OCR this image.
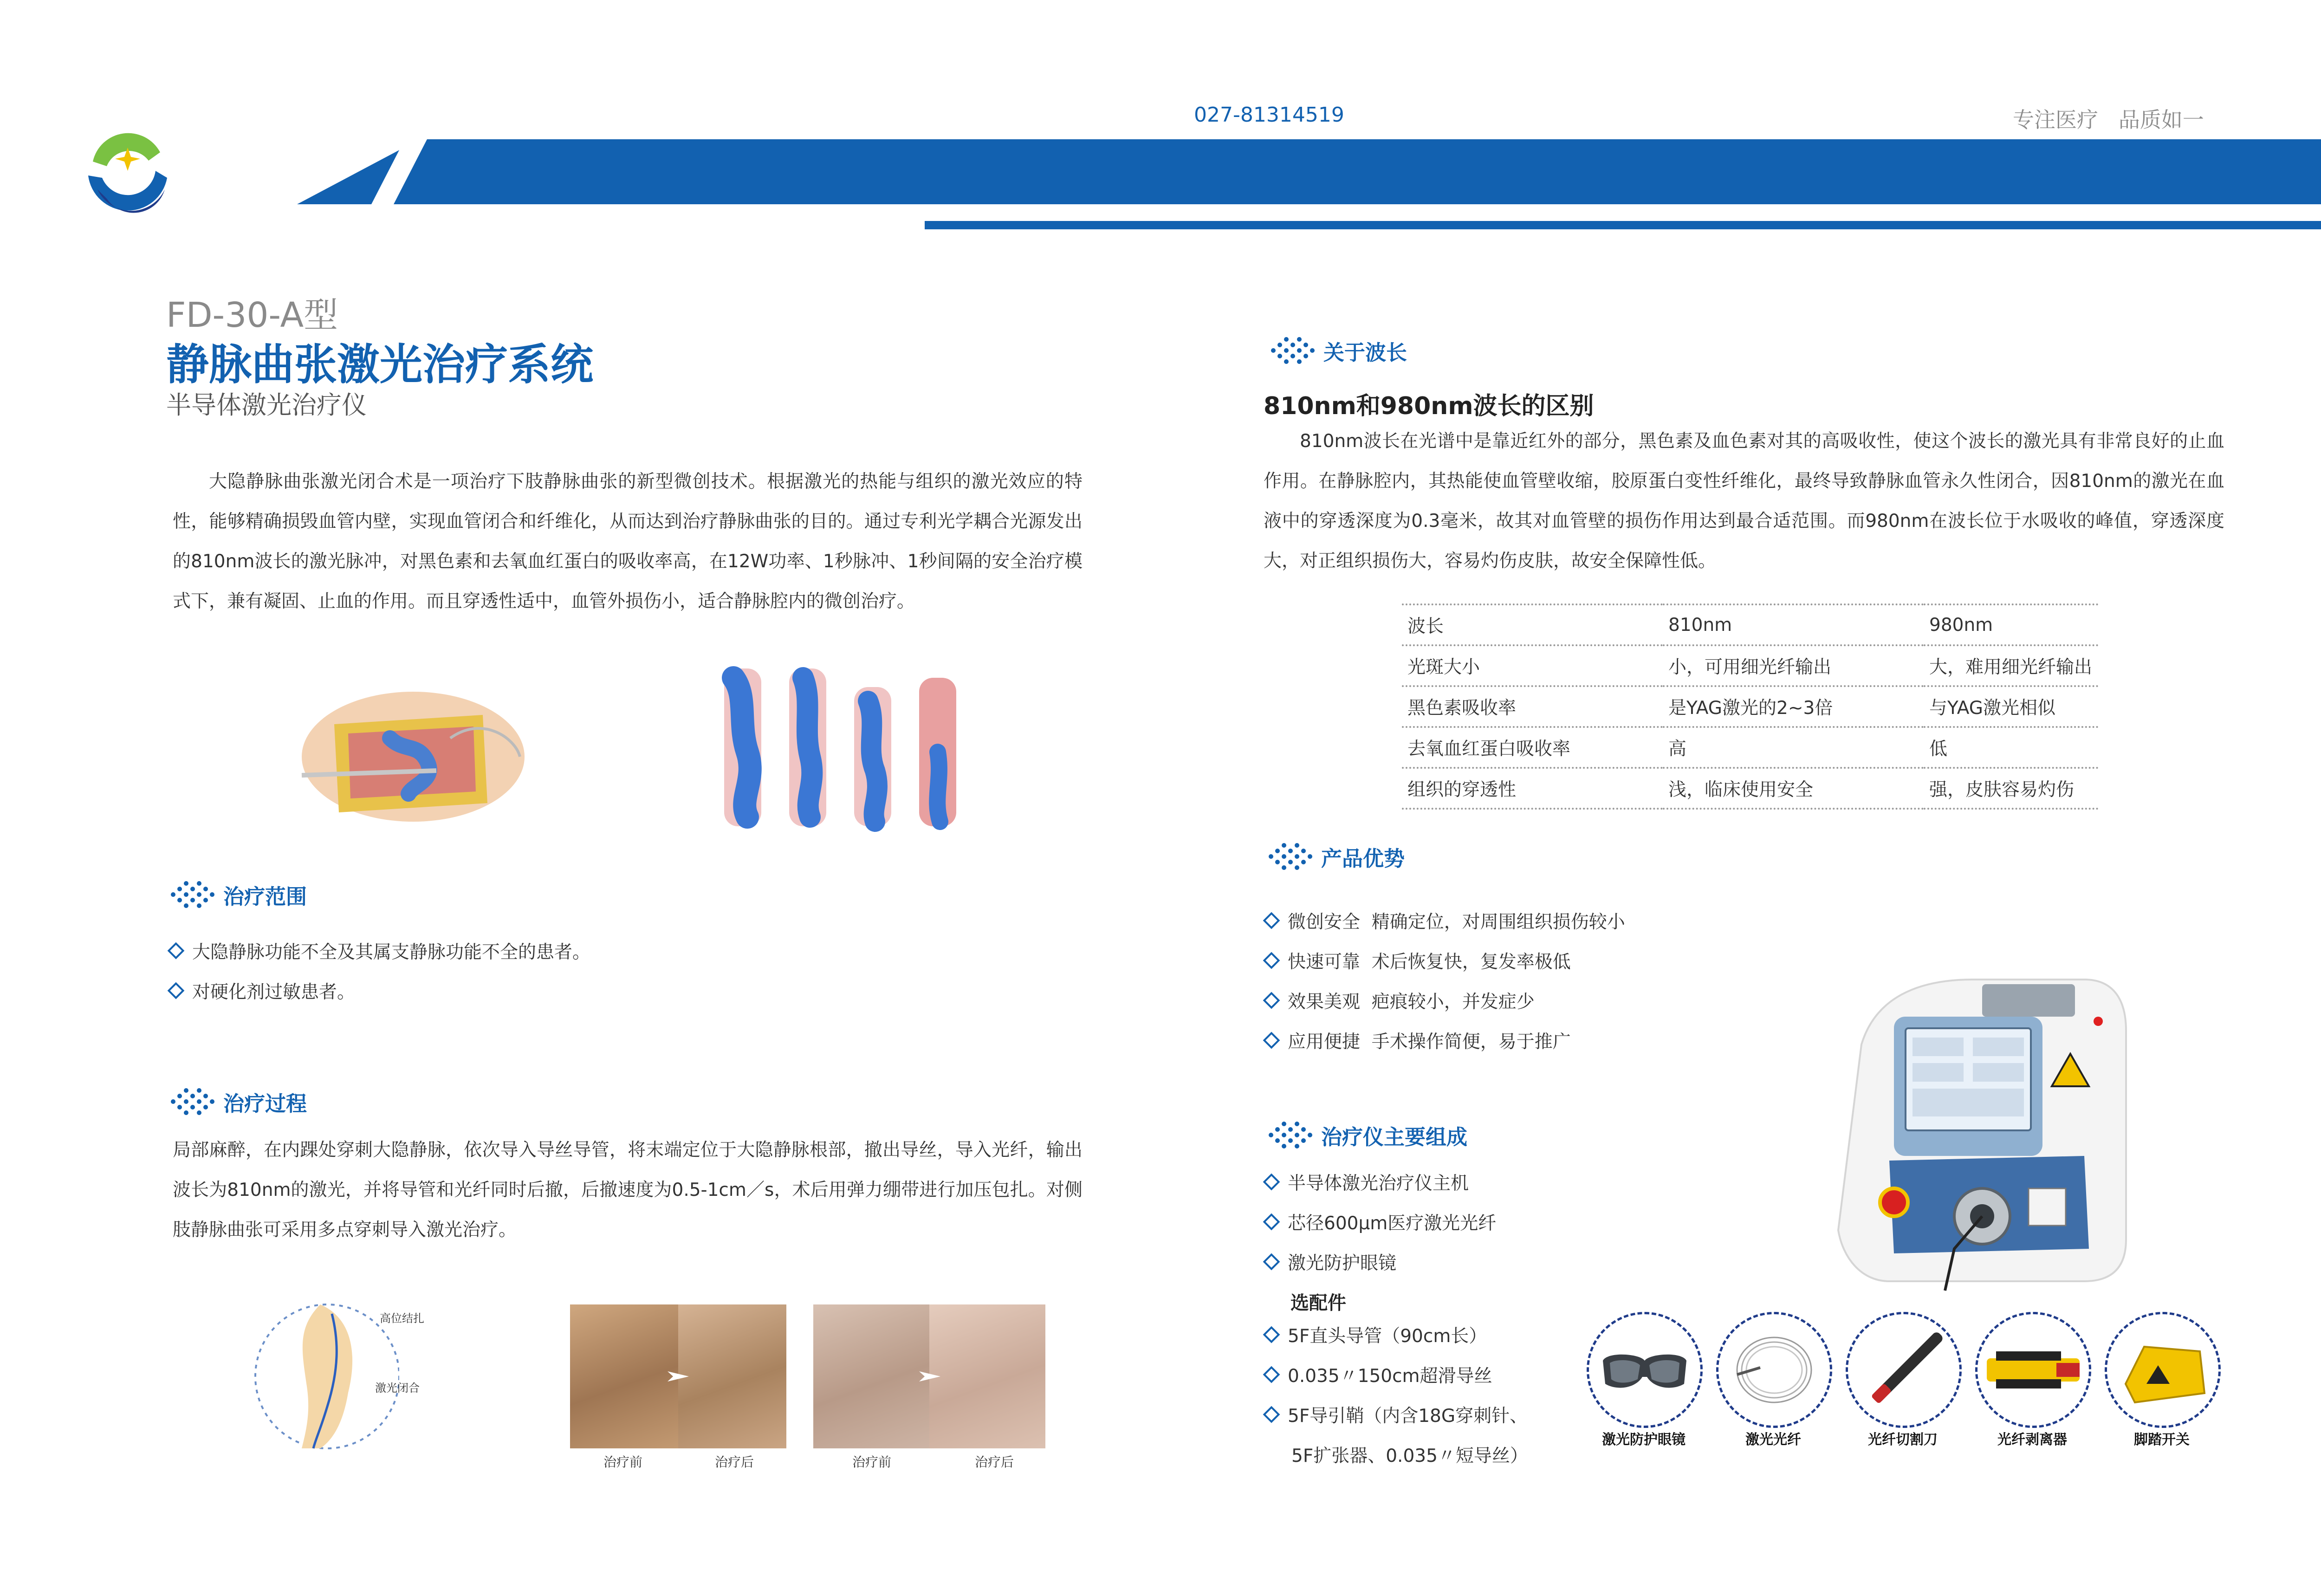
027-81314519	专注医疗   品质如一
FD-30-A型
静脉曲张激光治疗系统
半导体激光治疗仪

大隐静脉曲张激光闭合术是一项治疗下肢静脉曲张的新型微创技术。根据激光的热能与组织的激光效应的特性，能够精确损毁血管内壁，实现血管闭合和纤维化，从而达到治疗静脉曲张的目的。通过专利光学耦合光源发出的810nm波长的激光脉冲，对黑色素和去氧血红蛋白的吸收率高，在12W功率、1秒脉冲、1秒间隔的安全治疗模式下，兼有凝固、止血的作用。而且穿透性适中，血管外损伤小，适合静脉腔内的微创治疗。

治疗范围
大隐静脉功能不全及其属支静脉功能不全的患者。
对硬化剂过敏患者。
治疗过程

局部麻醉，在内踝处穿刺大隐静脉，依次导入导丝导管，将末端定位于大隐静脉根部，撤出导丝，导入光纤，输出波长为810nm的激光，并将导管和光纤同时后撤，后撤速度为0.5-1cm／s，术后用弹力绷带进行加压包扎。对侧肢静脉曲张可采用多点穿刺导入激光治疗。

高位结扎
激光闭合
治疗前	治疗后	治疗前	治疗后
关于波长
810nm和980nm波长的区别

810nm波长在光谱中是靠近红外的部分，黑色素及血色素对其的高吸收性，使这个波长的激光具有非常良好的止血作用。在静脉腔内，其热能使血管壁收缩，胶原蛋白变性纤维化，最终导致静脉血管永久性闭合，因810nm的激光在血液中的穿透深度为0.3毫米，故其对血管壁的损伤作用达到最合适范围。而980nm在波长位于水吸收的峰值，穿透深度大，对正组织损伤大，容易灼伤皮肤，故安全保障性低。

波长	810nm	980nm
光斑大小	小，可用细光纤输出	大，难用细光纤输出
黑色素吸收率	是YAG激光的2~3倍	与YAG激光相似
去氧血红蛋白吸收率	高	低
组织的穿透性	浅，临床使用安全	强，皮肤容易灼伤
产品优势
微创安全  精确定位，对周围组织损伤较小
快速可靠  术后恢复快，复发率极低
效果美观  疤痕较小，并发症少
应用便捷  手术操作简便，易于推广
治疗仪主要组成
半导体激光治疗仪主机
芯径600μm医疗激光光纤
激光防护眼镜
选配件
5F直头导管（90cm长）
0.035〃150cm超滑导丝
5F导引鞘（内含18G穿刺针、
5F扩张器、0.035〃短导丝）
激光防护眼镜	激光光纤	光纤切割刀	光纤剥离器	脚踏开关
